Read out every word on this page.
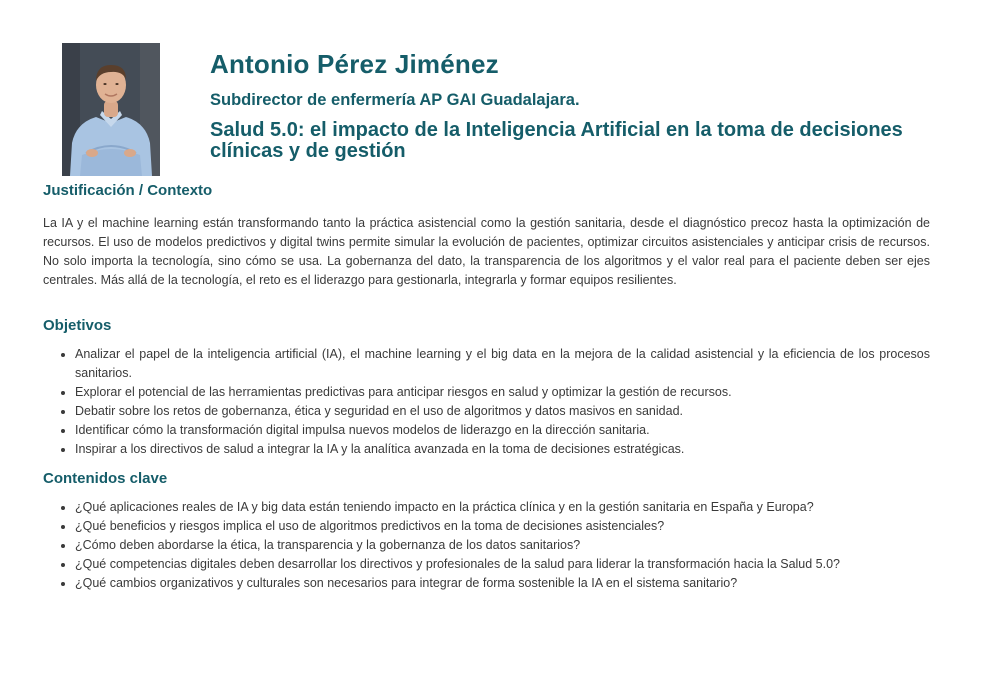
Antonio Pérez Jiménez
Subdirector de enfermería AP GAI Guadalajara.
Salud 5.0: el impacto de la Inteligencia Artificial en la toma de decisiones clínicas y de gestión
Justificación / Contexto

La IA y el machine learning están transformando tanto la práctica asistencial como la gestión sanitaria, desde el diagnóstico precoz hasta la optimización de recursos. El uso de modelos predictivos y digital twins permite simular la evolución de pacientes, optimizar circuitos asistenciales y anticipar crisis de recursos. No solo importa la tecnología, sino cómo se usa. La gobernanza del dato, la transparencia de los algoritmos y el valor real para el paciente deben ser ejes centrales. Más allá de la tecnología, el reto es el liderazgo para gestionarla, integrarla y formar equipos resilientes.

Objetivos
• Analizar el papel de la inteligencia artificial (IA), el machine learning y el big data en la mejora de la calidad asistencial y la eficiencia de los procesos sanitarios.
• Explorar el potencial de las herramientas predictivas para anticipar riesgos en salud y optimizar la gestión de recursos.
• Debatir sobre los retos de gobernanza, ética y seguridad en el uso de algoritmos y datos masivos en sanidad.
• Identificar cómo la transformación digital impulsa nuevos modelos de liderazgo en la dirección sanitaria.
• Inspirar a los directivos de salud a integrar la IA y la analítica avanzada en la toma de decisiones estratégicas.
Contenidos clave
• ¿Qué aplicaciones reales de IA y big data están teniendo impacto en la práctica clínica y en la gestión sanitaria en España y Europa?
• ¿Qué beneficios y riesgos implica el uso de algoritmos predictivos en la toma de decisiones asistenciales?
• ¿Cómo deben abordarse la ética, la transparencia y la gobernanza de los datos sanitarios?
• ¿Qué competencias digitales deben desarrollar los directivos y profesionales de la salud para liderar la transformación hacia la Salud 5.0?
• ¿Qué cambios organizativos y culturales son necesarios para integrar de forma sostenible la IA en el sistema sanitario?
